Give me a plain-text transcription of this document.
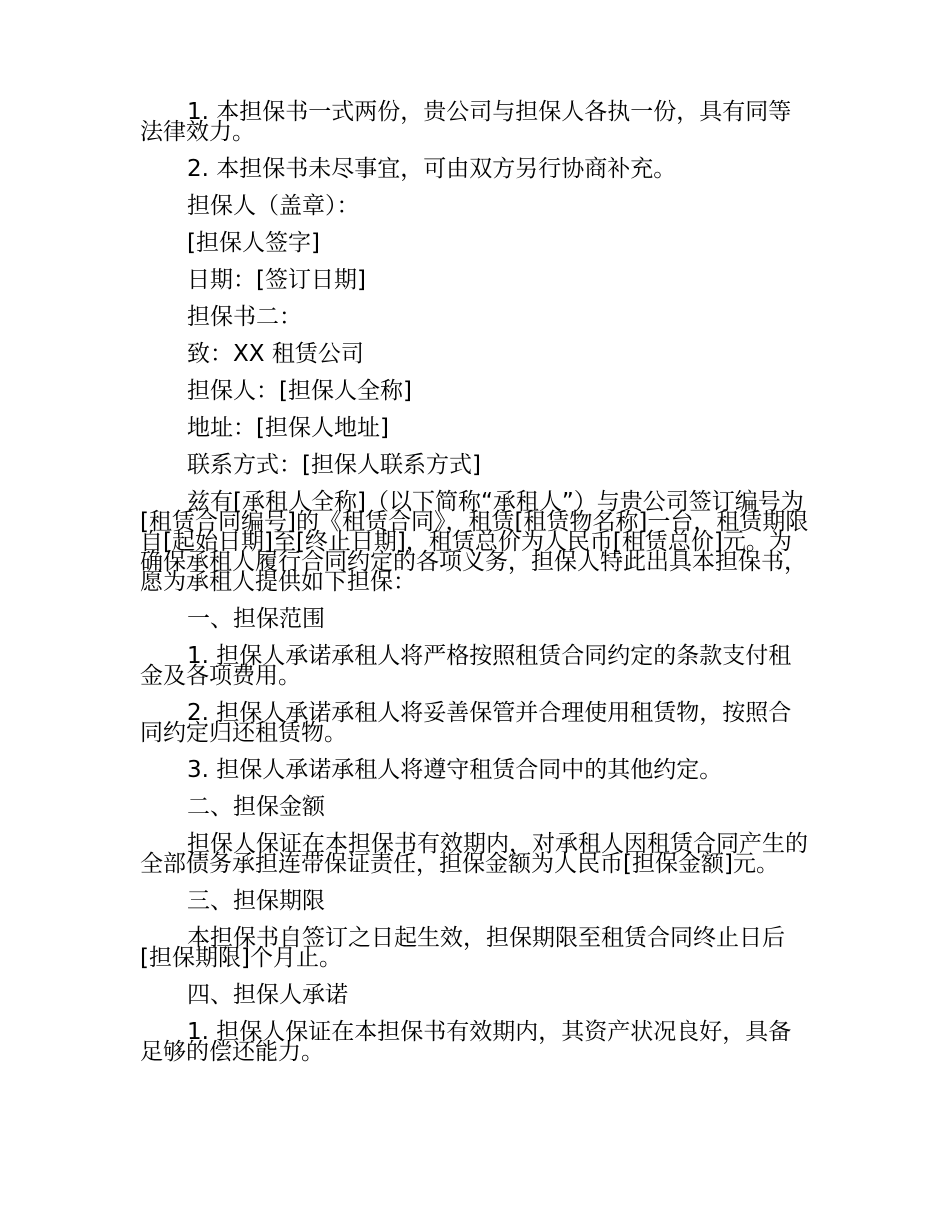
1. 本担保书一式两份，贵公司与担保人各执一份，具有同等法律效力。

2. 本担保书未尽事宜，可由双方另行协商补充。

担保人（盖章）：

[担保人签字]

日期：[签订日期]

担保书二：

致：XX 租赁公司

担保人：[担保人全称]

地址：[担保人地址]

联系方式：[担保人联系方式]

兹有[承租人全称]（以下简称“承租人”）与贵公司签订编号为[租赁合同编号]的《租赁合同》，租赁[租赁物名称]一台，租赁期限自[起始日期]至[终止日期]，租赁总价为人民币[租赁总价]元。为确保承租人履行合同约定的各项义务，担保人特此出具本担保书，愿为承租人提供如下担保：

一、担保范围

1. 担保人承诺承租人将严格按照租赁合同约定的条款支付租金及各项费用。

2. 担保人承诺承租人将妥善保管并合理使用租赁物，按照合同约定归还租赁物。

3. 担保人承诺承租人将遵守租赁合同中的其他约定。

二、担保金额

担保人保证在本担保书有效期内，对承租人因租赁合同产生的全部债务承担连带保证责任，担保金额为人民币[担保金额]元。

三、担保期限

本担保书自签订之日起生效，担保期限至租赁合同终止日后[担保期限]个月止。

四、担保人承诺

1. 担保人保证在本担保书有效期内，其资产状况良好，具备足够的偿还能力。
